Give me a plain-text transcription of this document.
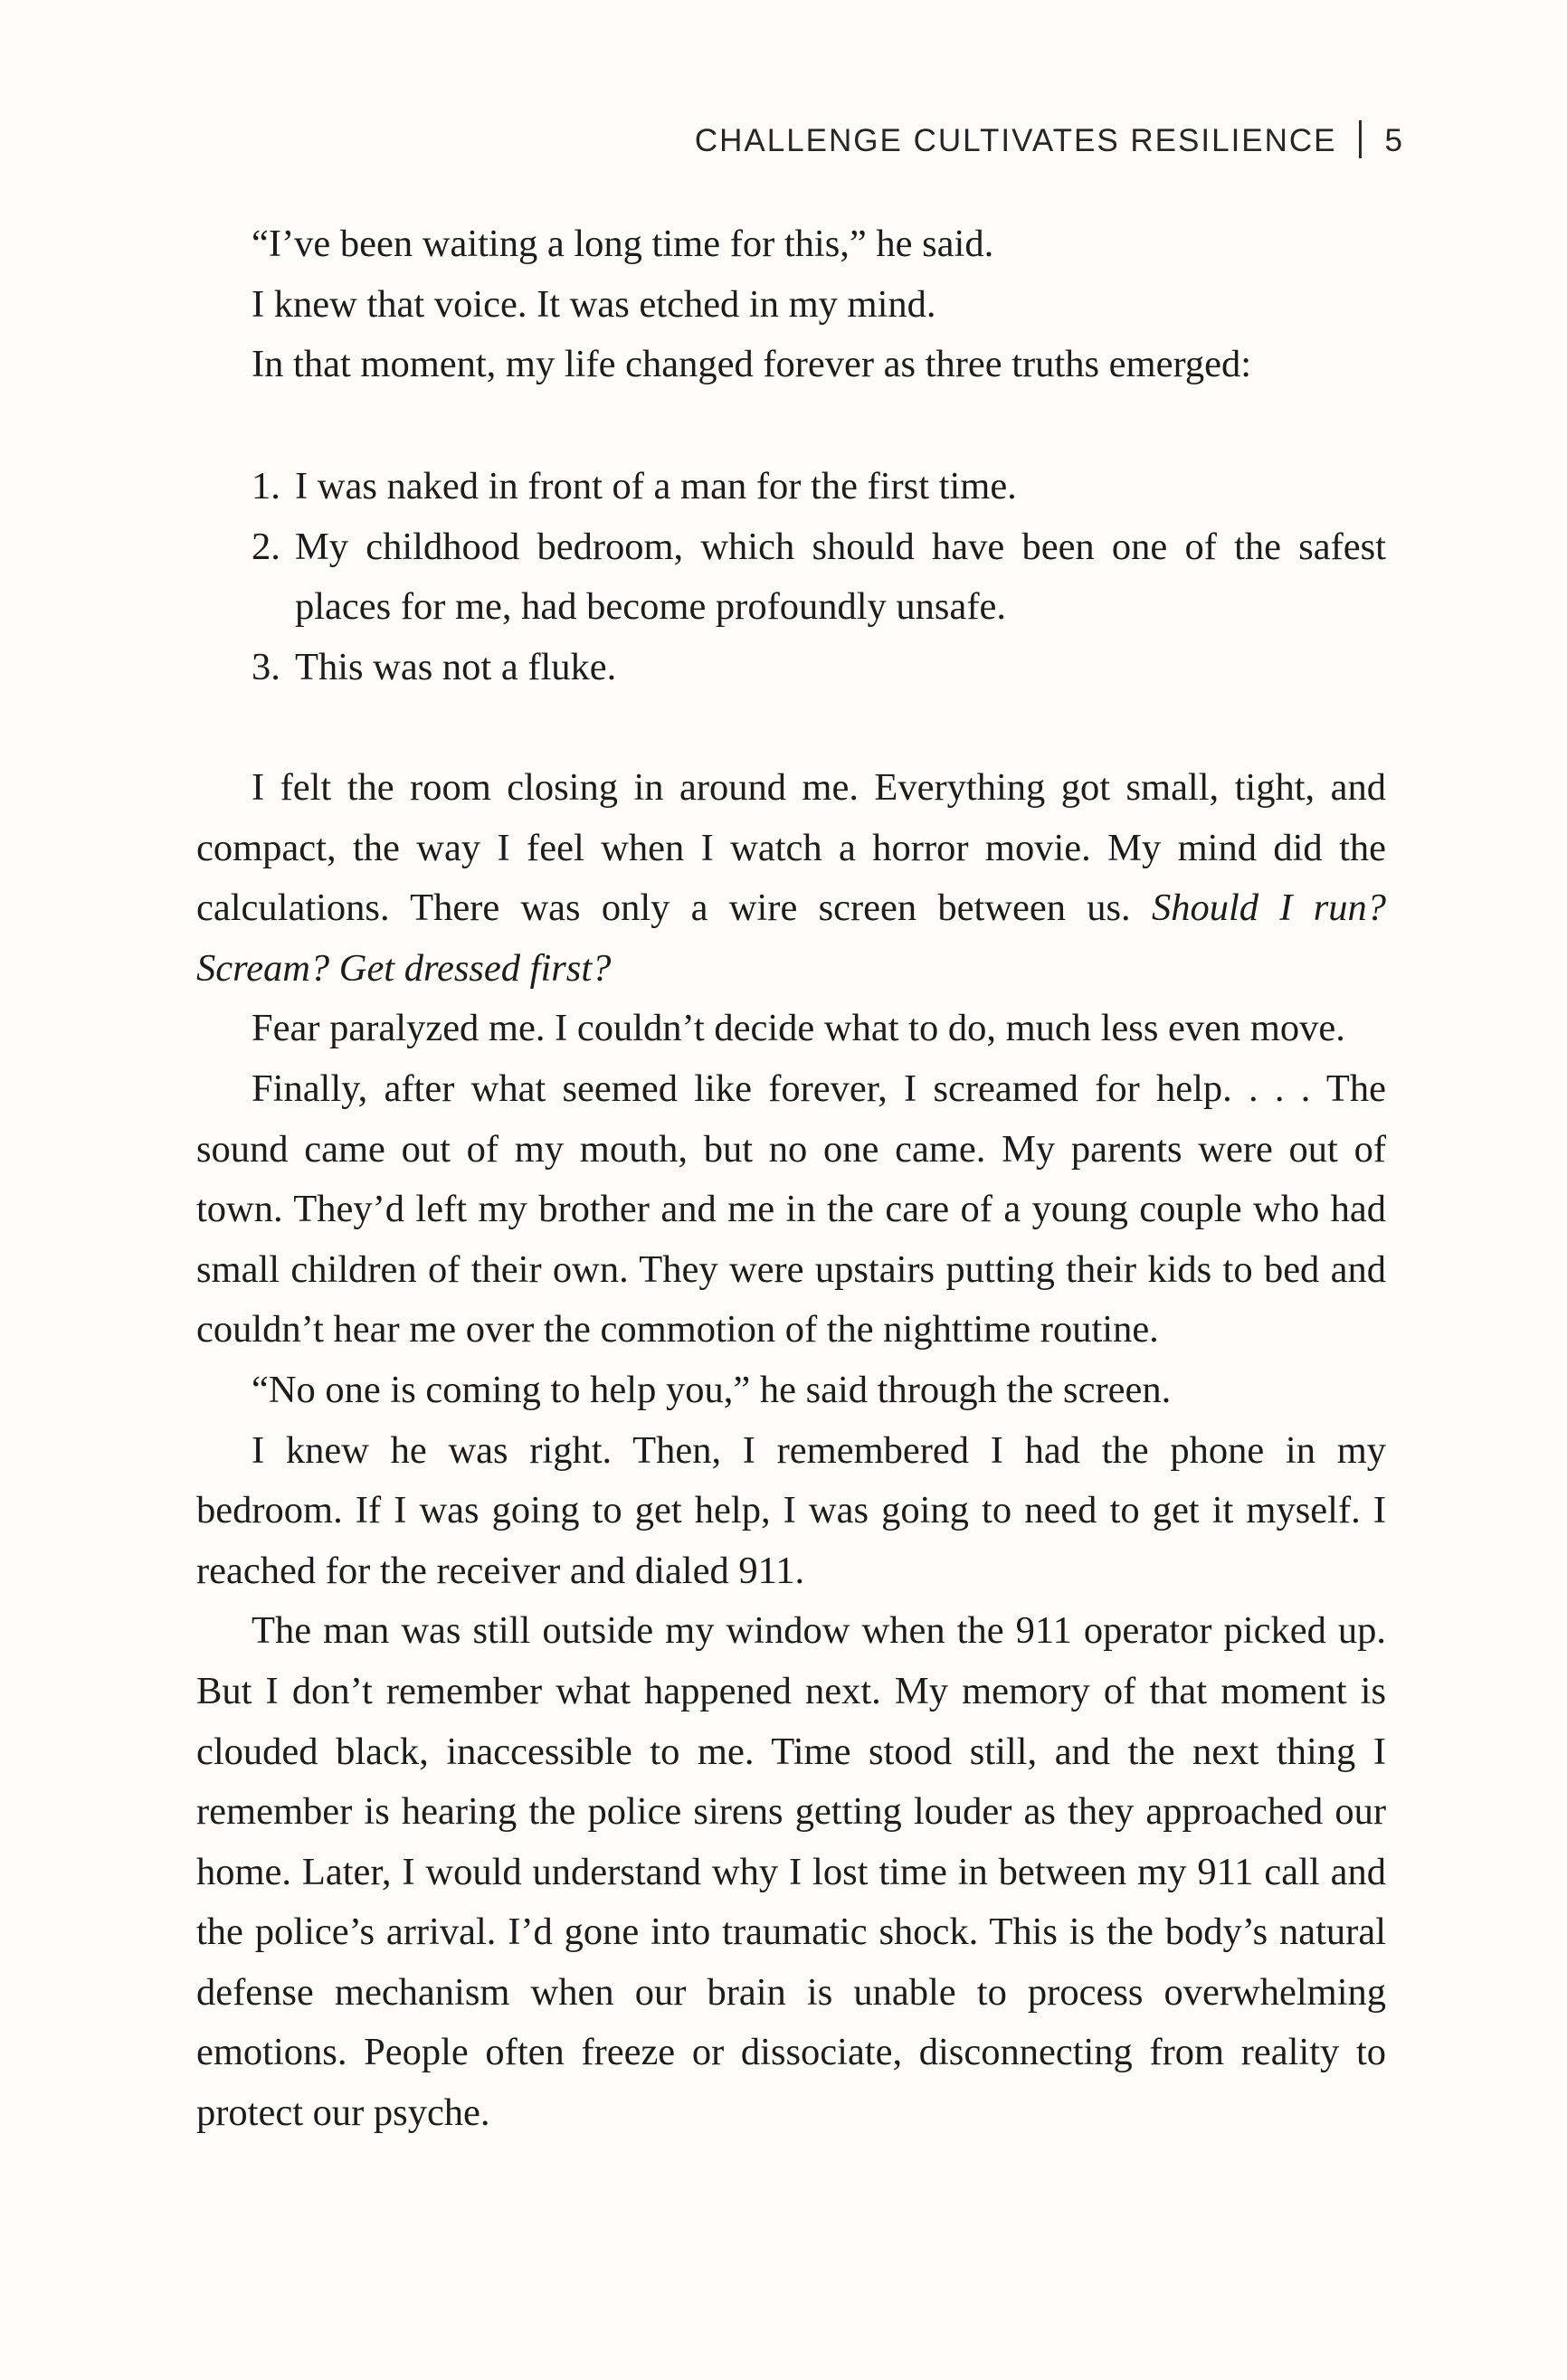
CHALLENGE CULTIVATES RESILIENCE 5

“I’ve been waiting a long time for this,” he said.

I knew that voice. It was etched in my mind.

In that moment, my life changed forever as three truths emerged:

1. I was naked in front of a man for the first time.
2. My childhood bedroom, which should have been one of the safest places for me, had become profoundly unsafe.
3. This was not a fluke.

I felt the room closing in around me. Everything got small, tight, and compact, the way I feel when I watch a horror movie. My mind did the calculations. There was only a wire screen between us. Should I run? Scream? Get dressed first?

Fear paralyzed me. I couldn’t decide what to do, much less even move.

Finally, after what seemed like forever, I screamed for help. . . . The sound came out of my mouth, but no one came. My parents were out of town. They’d left my brother and me in the care of a young couple who had small children of their own. They were upstairs putting their kids to bed and couldn’t hear me over the commotion of the nighttime routine.

“No one is coming to help you,” he said through the screen.

I knew he was right. Then, I remembered I had the phone in my bedroom. If I was going to get help, I was going to need to get it myself. I reached for the receiver and dialed 911.

The man was still outside my window when the 911 operator picked up. But I don’t remember what happened next. My memory of that moment is clouded black, inaccessible to me. Time stood still, and the next thing I remember is hearing the police sirens getting louder as they approached our home. Later, I would understand why I lost time in between my 911 call and the police’s arrival. I’d gone into traumatic shock. This is the body’s natural defense mechanism when our brain is unable to process overwhelming emotions. People often freeze or dissociate, disconnecting from reality to protect our psyche.
